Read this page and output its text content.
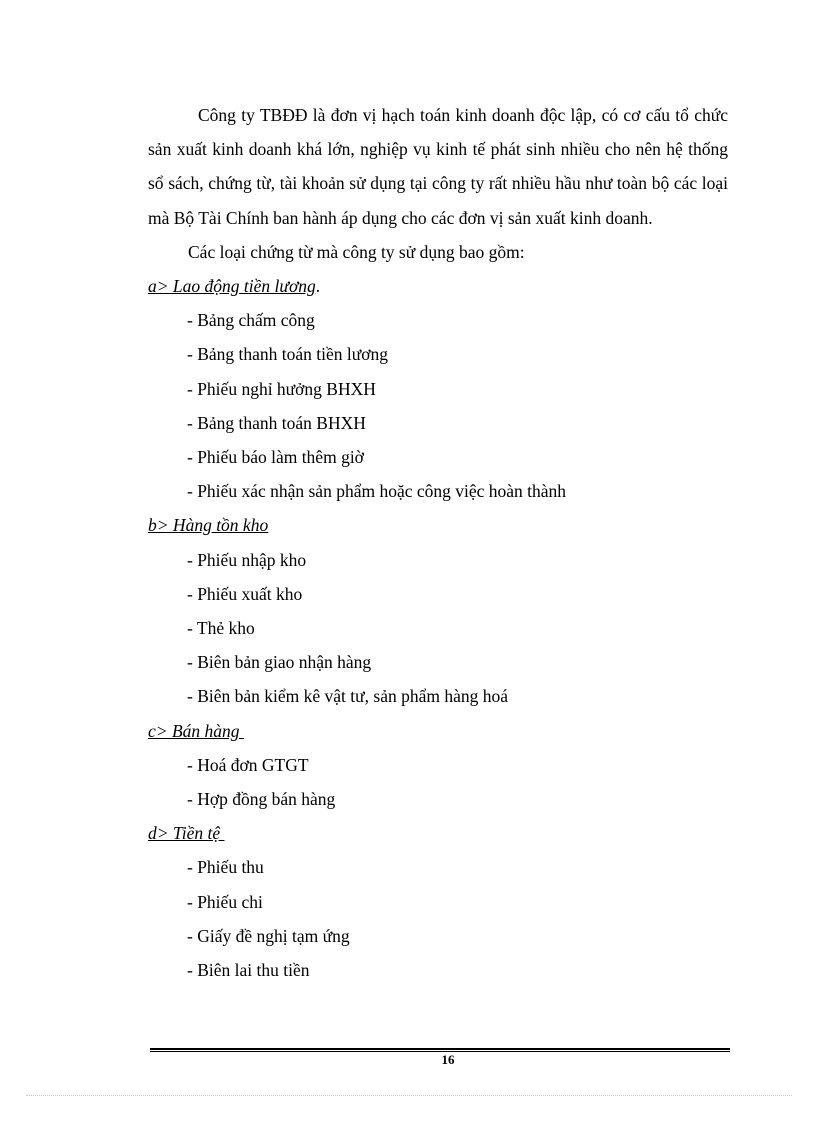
Công ty TBĐĐ là đơn vị hạch toán kinh doanh độc lập, có cơ cấu tổ chức sản xuất kinh doanh khá lớn, nghiệp vụ kinh tế phát sinh nhiều cho nên hệ thống sổ sách, chứng từ, tài khoản sử dụng tại công ty rất nhiều hầu như toàn bộ các loại mà Bộ Tài Chính ban hành áp dụng cho các đơn vị sản xuất kinh doanh.

Các loại chứng từ mà công ty sử dụng bao gồm:

a> Lao động tiền lương.

- Bảng chấm công

- Bảng thanh toán tiền lương

- Phiếu nghỉ hưởng BHXH

- Bảng thanh toán BHXH

- Phiếu báo làm thêm giờ

- Phiếu xác nhận sản phẩm hoặc công việc hoàn thành

b> Hàng tồn kho

- Phiếu nhập kho

- Phiếu xuất kho

- Thẻ kho

- Biên bản giao nhận hàng

- Biên bản kiểm kê vật tư, sản phẩm hàng hoá

c> Bán hàng

- Hoá đơn GTGT

- Hợp đồng bán hàng

d> Tiền tệ

- Phiếu thu

- Phiếu chi

- Giấy đề nghị tạm ứng

- Biên lai thu tiền

16
